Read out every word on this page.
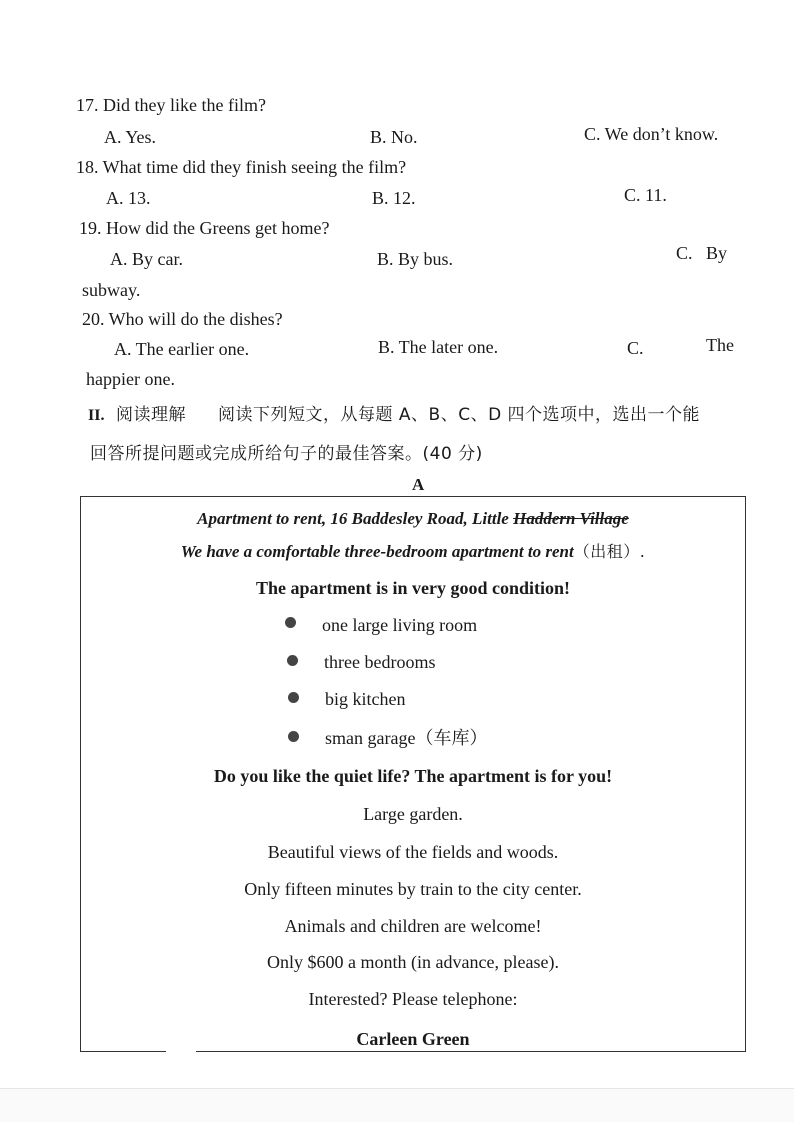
17. Did they like the film?
A. Yes.	B. No.	C. We don’t know.
18. What time did they finish seeing the film?
A. 13.	B. 12.	C. 11.
19. How did the Greens get home?
A. By car.	B. By bus.	C.   By
subway.
20. Who will do the dishes?
A. The earlier one.	B. The later one.	C.	The
happier one.
II. 阅读理解 阅读下列短文，从每题 A、B、C、D 四个选项中，选出一个能
回答所提问题或完成所给句子的最佳答案。(40 分)
A
Apartment to rent, 16 Baddesley Road, Little Haddern Village
We have a comfortable three-bedroom apartment to rent（出租）.
The apartment is in very good condition!
one large living room
three bedrooms
big kitchen
sman garage（车库）
Do you like the quiet life? The apartment is for you!
Large garden.
Beautiful views of the fields and woods.
Only fifteen minutes by train to the city center.
Animals and children are welcome!
Only $600 a month (in advance, please).
Interested? Please telephone:
Carleen Green
